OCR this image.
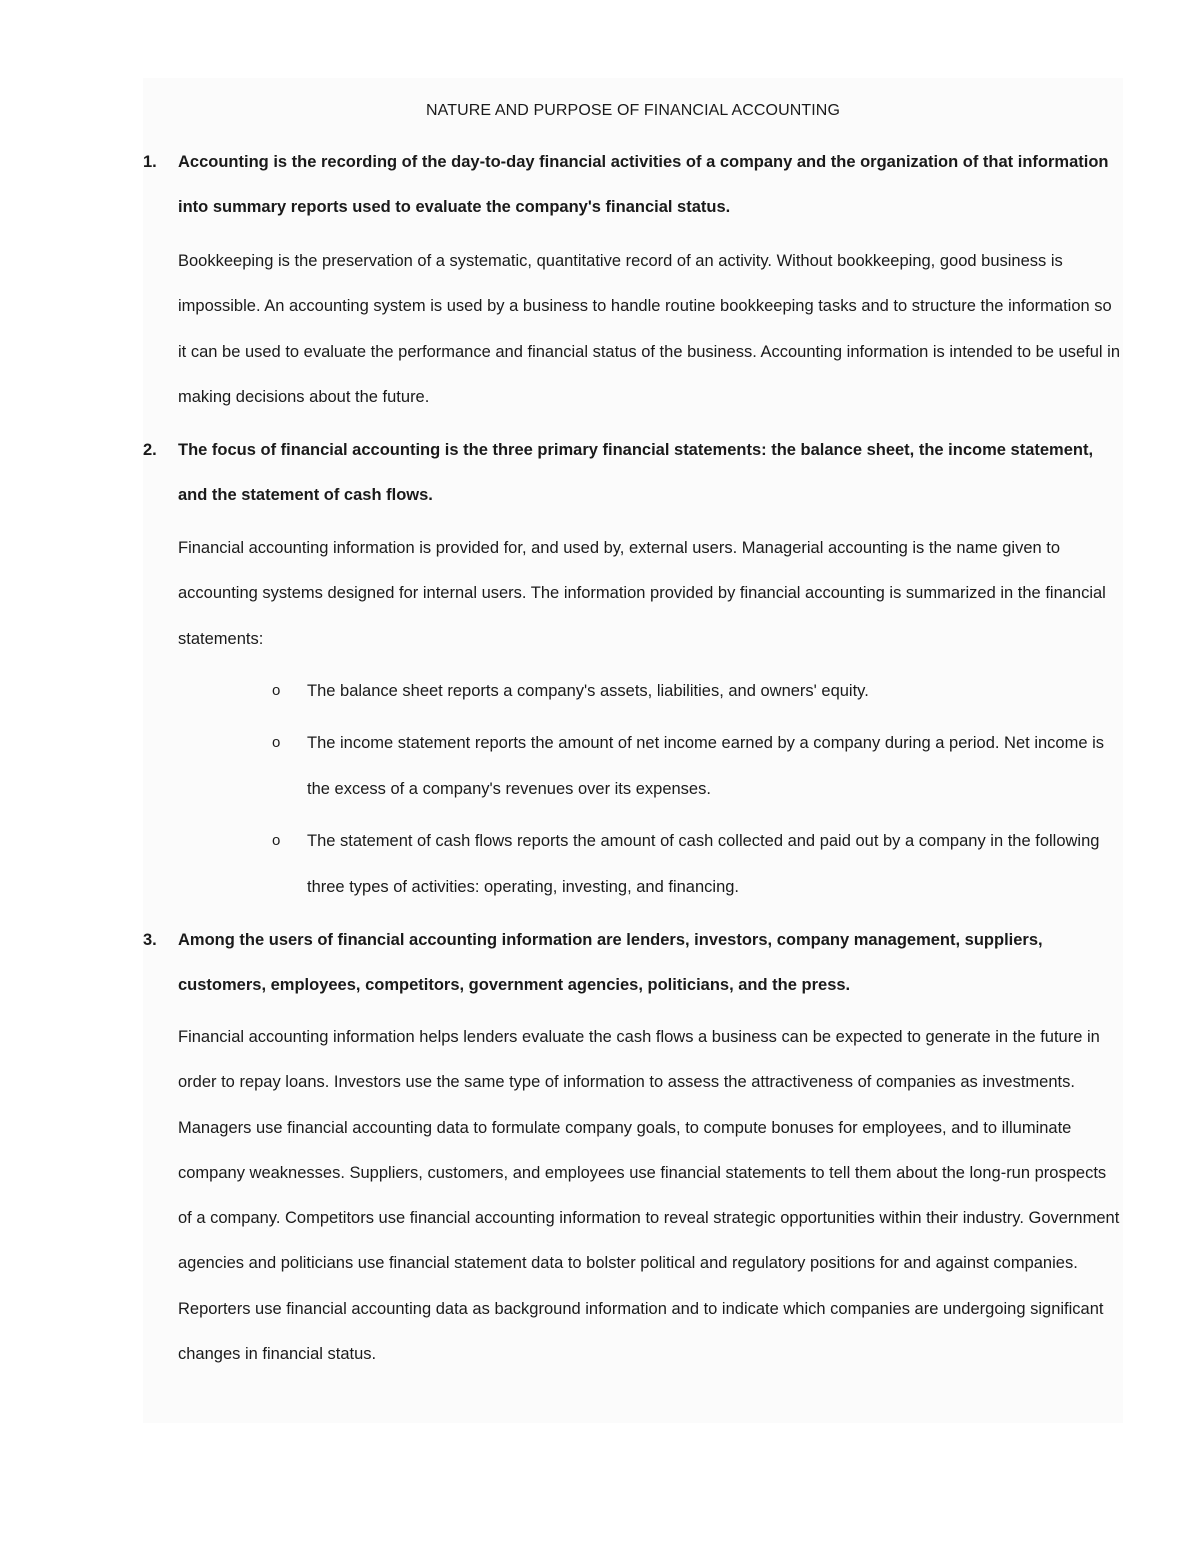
NATURE AND PURPOSE OF FINANCIAL ACCOUNTING
1.	Accounting is the recording of the day-to-day financial activities of a company and the organization of that information into summary reports used to evaluate the company's financial status.
Bookkeeping is the preservation of a systematic, quantitative record of an activity. Without bookkeeping, good business is impossible. An accounting system is used by a business to handle routine bookkeeping tasks and to structure the information so it can be used to evaluate the performance and financial status of the business. Accounting information is intended to be useful in making decisions about the future.
2.	The focus of financial accounting is the three primary financial statements: the balance sheet, the income statement, and the statement of cash flows.
Financial accounting information is provided for, and used by, external users. Managerial accounting is the name given to accounting systems designed for internal users. The information provided by financial accounting is summarized in the financial statements:
o	The balance sheet reports a company's assets, liabilities, and owners' equity.
o	The income statement reports the amount of net income earned by a company during a period. Net income is the excess of a company's revenues over its expenses.
o	The statement of cash flows reports the amount of cash collected and paid out by a company in the following three types of activities: operating, investing, and financing.
3.	Among the users of financial accounting information are lenders, investors, company management, suppliers, customers, employees, competitors, government agencies, politicians, and the press.
Financial accounting information helps lenders evaluate the cash flows a business can be expected to generate in the future in order to repay loans. Investors use the same type of information to assess the attractiveness of companies as investments. Managers use financial accounting data to formulate company goals, to compute bonuses for employees, and to illuminate company weaknesses. Suppliers, customers, and employees use financial statements to tell them about the long-run prospects of a company. Competitors use financial accounting information to reveal strategic opportunities within their industry. Government agencies and politicians use financial statement data to bolster political and regulatory positions for and against companies. Reporters use financial accounting data as background information and to indicate which companies are undergoing significant changes in financial status.
